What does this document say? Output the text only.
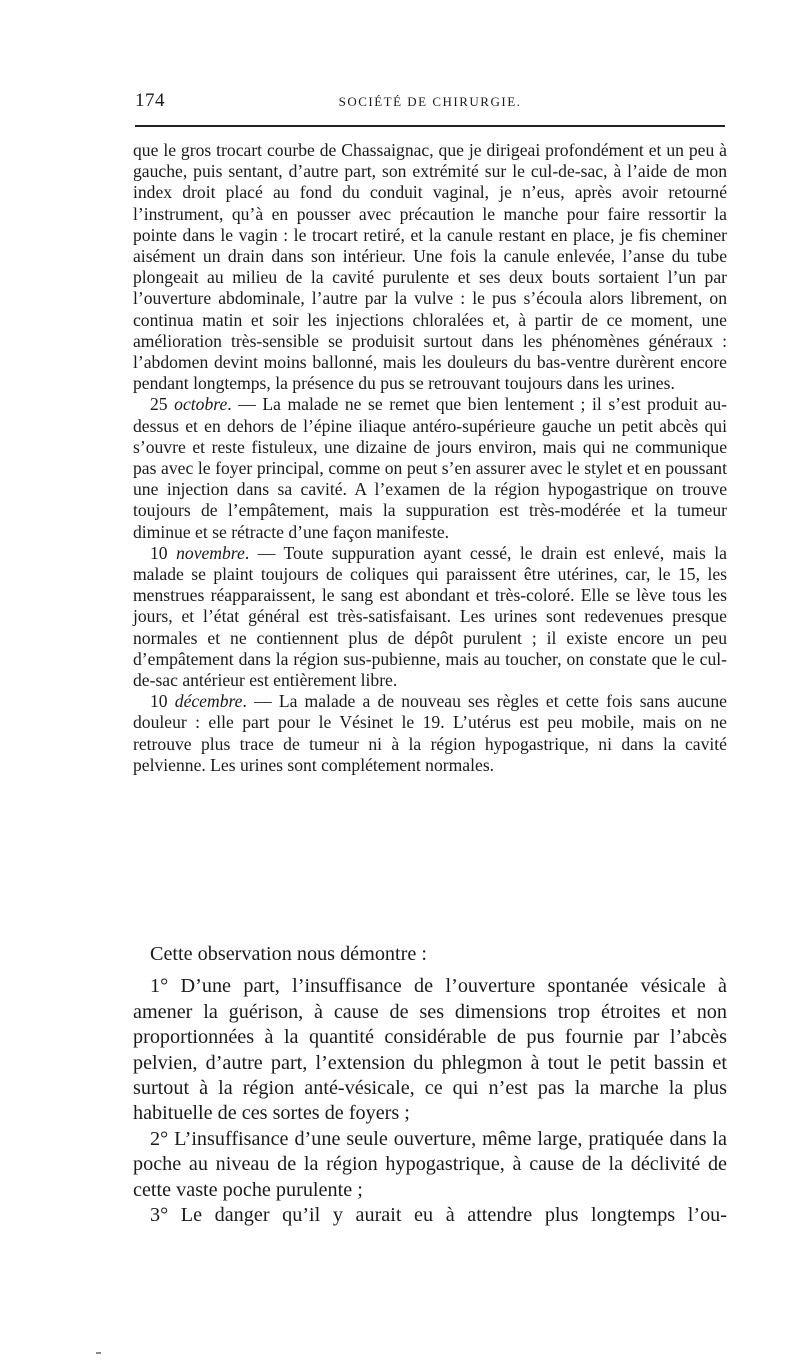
174	SOCIÉTÉ DE CHIRURGIE.

que le gros trocart courbe de Chassaignac, que je dirigeai profondément et un peu à gauche, puis sentant, d’autre part, son extrémité sur le cul-de-sac, à l’aide de mon index droit placé au fond du conduit vaginal, je n’eus, après avoir retourné l’instrument, qu’à en pousser avec précaution le manche pour faire ressortir la pointe dans le vagin : le trocart retiré, et la canule restant en place, je fis cheminer aisément un drain dans son intérieur. Une fois la canule enlevée, l’anse du tube plongeait au milieu de la cavité purulente et ses deux bouts sortaient l’un par l’ouverture abdominale, l’autre par la vulve : le pus s’écoula alors librement, on continua matin et soir les injections chloralées et, à partir de ce moment, une amélioration très-sensible se produisit surtout dans les phénomènes généraux : l’abdomen devint moins ballonné, mais les douleurs du bas-ventre durèrent encore pendant longtemps, la présence du pus se retrouvant toujours dans les urines.

25 octobre. — La malade ne se remet que bien lentement ; il s’est produit au-dessus et en dehors de l’épine iliaque antéro-supérieure gauche un petit abcès qui s’ouvre et reste fistuleux, une dizaine de jours environ, mais qui ne communique pas avec le foyer principal, comme on peut s’en assurer avec le stylet et en poussant une injection dans sa cavité. A l’examen de la région hypogastrique on trouve toujours de l’empâtement, mais la suppuration est très-modérée et la tumeur diminue et se rétracte d’une façon manifeste.

10 novembre. — Toute suppuration ayant cessé, le drain est enlevé, mais la malade se plaint toujours de coliques qui paraissent être utérines, car, le 15, les menstrues réapparaissent, le sang est abondant et très-coloré. Elle se lève tous les jours, et l’état général est très-satisfaisant. Les urines sont redevenues presque normales et ne contiennent plus de dépôt purulent ; il existe encore un peu d’empâtement dans la région sus-pubienne, mais au toucher, on constate que le cul-de-sac antérieur est entièrement libre.

10 décembre. — La malade a de nouveau ses règles et cette fois sans aucune douleur : elle part pour le Vésinet le 19. L’utérus est peu mobile, mais on ne retrouve plus trace de tumeur ni à la région hypogastrique, ni dans la cavité pelvienne. Les urines sont complétement normales.

Cette observation nous démontre :

1° D’une part, l’insuffisance de l’ouverture spontanée vésicale à amener la guérison, à cause de ses dimensions trop étroites et non proportionnées à la quantité considérable de pus fournie par l’abcès pelvien, d’autre part, l’extension du phlegmon à tout le petit bassin et surtout à la région anté-vésicale, ce qui n’est pas la marche la plus habituelle de ces sortes de foyers ;

2° L’insuffisance d’une seule ouverture, même large, pratiquée dans la poche au niveau de la région hypogastrique, à cause de la déclivité de cette vaste poche purulente ;

3° Le danger qu’il y aurait eu à attendre plus longtemps l’ou-
